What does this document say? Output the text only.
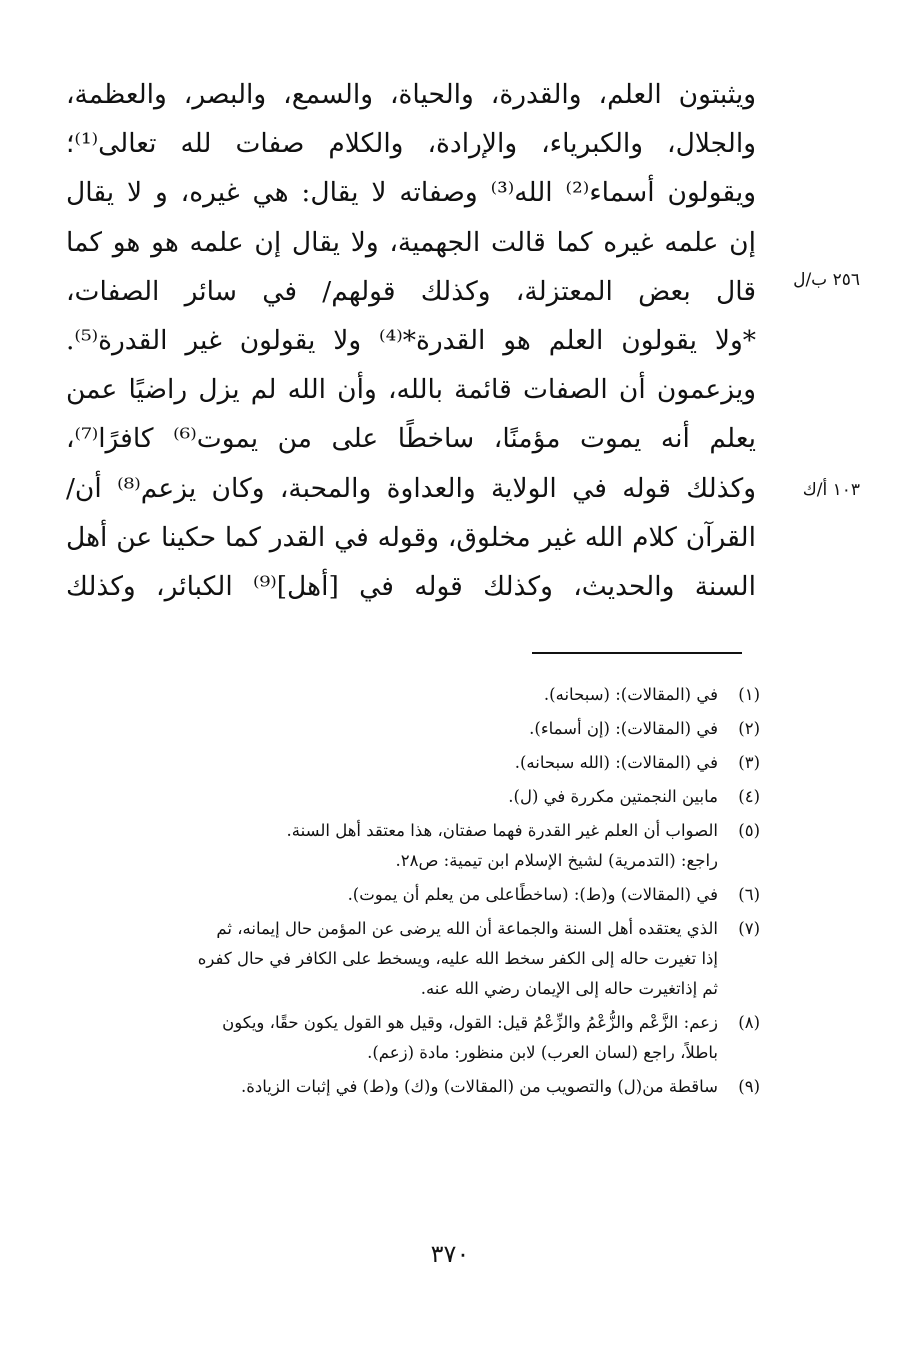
ويثبتون العلم، والقدرة، والحياة، والسمع، والبصر، والعظمة،
والجلال، والكبرياء، والإرادة، والكلام صفات لله تعالى⁽¹⁾؛
ويقولون أسماء⁽²⁾ الله⁽³⁾ وصفاته لا يقال: هي غيره، و لا يقال
إن علمه غيره كما قالت الجهمية، ولا يقال إن علمه هو هو كما
قال بعض المعتزلة، وكذلك قولهم/ في سائر الصفات،
*ولا يقولون العلم هو القدرة*⁽⁴⁾ ولا يقولون غير القدرة⁽⁵⁾.
ويزعمون أن الصفات قائمة بالله، وأن الله لم يزل راضيًا عمن
يعلم أنه يموت مؤمنًا، ساخطًا على من يموت⁽⁶⁾ كافرًا⁽⁷⁾،
وكذلك قوله في الولاية والعداوة والمحبة، وكان يزعم⁽⁸⁾ أن/
القرآن كلام الله غير مخلوق، وقوله في القدر كما حكينا عن أهل
السنة والحديث، وكذلك قوله في [أهل]⁽⁹⁾ الكبائر، وكذلك
٢٥٦ ب/ل
١٠٣ أ/ك
(١)
في (المقالات): (سبحانه).
(٢)
في (المقالات): (إن أسماء).
(٣)
في (المقالات): (الله سبحانه).
(٤)
مابين النجمتين مكررة في (ل).
(٥)
الصواب أن العلم غير القدرة فهما صفتان، هذا معتقد أهل السنة.
راجع: (التدمرية) لشيخ الإسلام ابن تيمية: ص٢٨.
(٦)
في (المقالات) و(ط): (ساخطًاعلى من يعلم أن يموت).
(٧)
الذي يعتقده أهل السنة والجماعة أن الله يرضى عن المؤمن حال إيمانه، ثم
إذا تغيرت حاله إلى الكفر سخط الله عليه، ويسخط على الكافر في حال كفره
ثم إذاتغيرت حاله إلى الإيمان رضي الله عنه.
(٨)
زعم: الزَّعْم والزُّعْمُ والزِّعْمُ قيل: القول، وقيل هو القول يكون حقًا، ويكون
باطلاً، راجع (لسان العرب) لابن منظور: مادة (زعم).
(٩)
ساقطة من(ل) والتصويب من (المقالات) و(ك) و(ط) في إثبات الزيادة.
٣٧٠
